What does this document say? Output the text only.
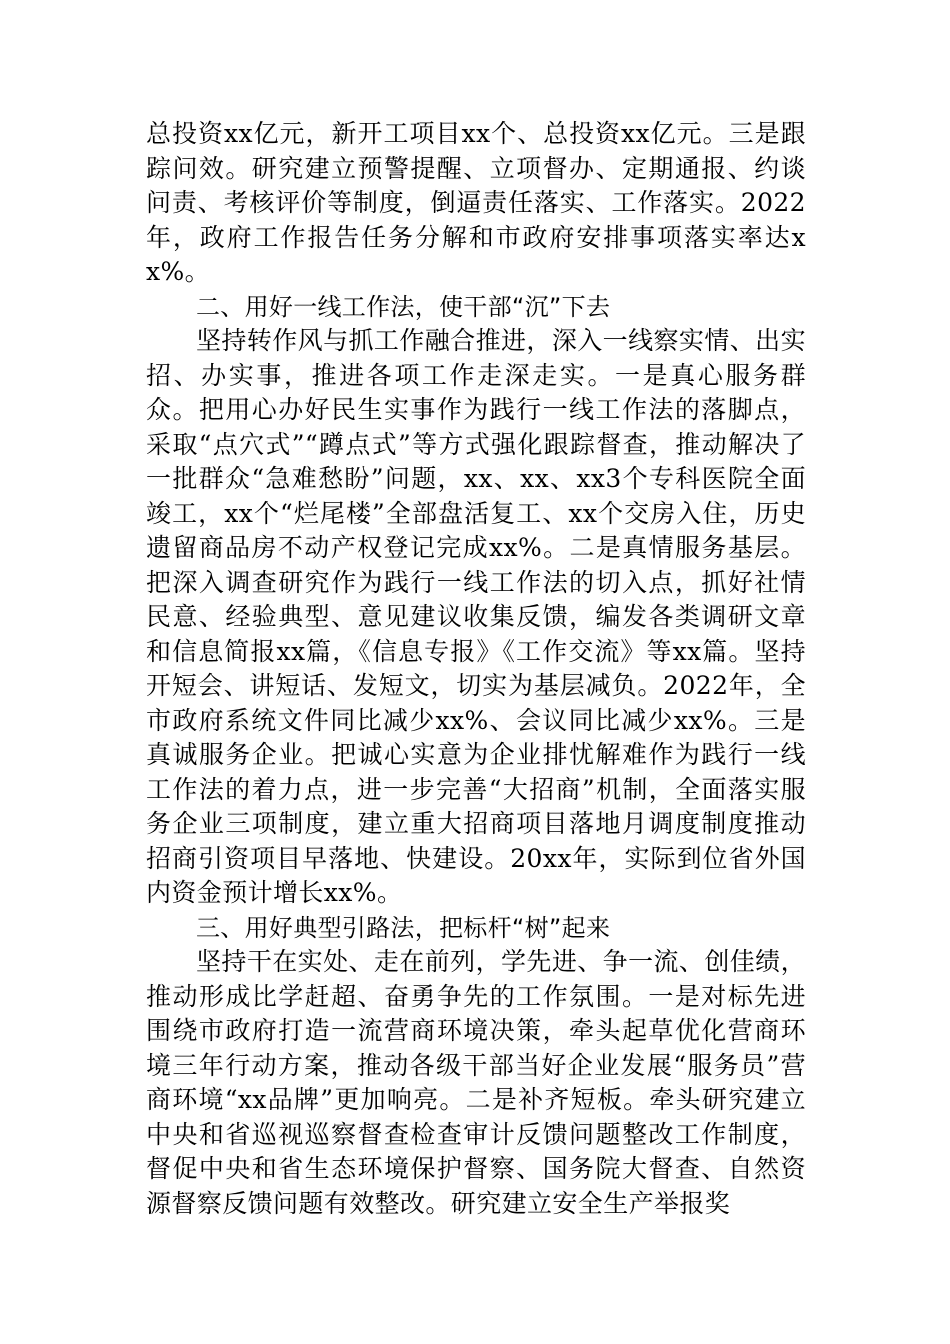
总投资xx亿元，新开工项目xx个、总投资xx亿元。三是跟踪问效。研究建立预警提醒、立项督办、定期通报、约谈问责、考核评价等制度，倒逼责任落实、工作落实。2022年，政府工作报告任务分解和市政府安排事项落实率达xx%。

二、用好一线工作法，使干部“沉”下去

坚持转作风与抓工作融合推进，深入一线察实情、出实招、办实事，推进各项工作走深走实。一是真心服务群众。把用心办好民生实事作为践行一线工作法的落脚点，采取“点穴式”“蹲点式”等方式强化跟踪督查，推动解决了一批群众“急难愁盼”问题，xx、xx、xx3个专科医院全面竣工，xx个“烂尾楼”全部盘活复工、xx个交房入住，历史遗留商品房不动产权登记完成xx%。二是真情服务基层。把深入调查研究作为践行一线工作法的切入点，抓好社情民意、经验典型、意见建议收集反馈，编发各类调研文章和信息简报xx篇，《信息专报》《工作交流》等xx篇。坚持开短会、讲短话、发短文，切实为基层减负。2022年，全市政府系统文件同比减少xx%、会议同比减少xx%。三是真诚服务企业。把诚心实意为企业排忧解难作为践行一线工作法的着力点，进一步完善“大招商”机制，全面落实服务企业三项制度，建立重大招商项目落地月调度制度推动招商引资项目早落地、快建设。20xx年，实际到位省外国内资金预计增长xx%。

三、用好典型引路法，把标杆“树”起来

坚持干在实处、走在前列，学先进、争一流、创佳绩，推动形成比学赶超、奋勇争先的工作氛围。一是对标先进围绕市政府打造一流营商环境决策，牵头起草优化营商环境三年行动方案，推动各级干部当好企业发展“服务员”营商环境“xx品牌”更加响亮。二是补齐短板。牵头研究建立中央和省巡视巡察督查检查审计反馈问题整改工作制度，督促中央和省生态环境保护督察、国务院大督查、自然资源督察反馈问题有效整改。研究建立安全生产举报奖
